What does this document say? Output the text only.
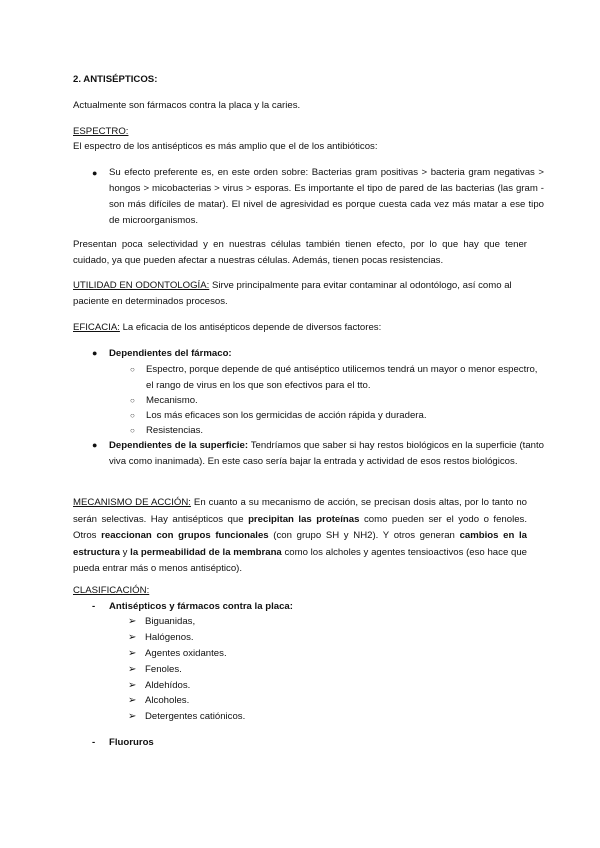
2. ANTISÉPTICOS:
Actualmente son fármacos contra la placa y la caries.
ESPECTRO:
El espectro de los antisépticos es más amplio que el de los antibióticos:
● Su efecto preferente es, en este orden sobre: Bacterias gram positivas > bacteria gram negativas > hongos > micobacterias > virus > esporas. Es importante el tipo de pared de las bacterias (las gram - son más difíciles de matar). El nivel de agresividad es porque cuesta cada vez más matar a ese tipo de microorganismos.
Presentan poca selectividad y en nuestras células también tienen efecto, por lo que hay que tener cuidado, ya que pueden afectar a nuestras células. Además, tienen pocas resistencias.
UTILIDAD EN ODONTOLOGÍA: Sirve principalmente para evitar contaminar al odontólogo, así como al paciente en determinados procesos.
EFICACIA: La eficacia de los antisépticos depende de diversos factores:
● Dependientes del fármaco:
○ Espectro, porque depende de qué antiséptico utilicemos tendrá un mayor o menor espectro, el rango de virus en los que son efectivos para el tto.
○ Mecanismo.
○ Los más eficaces son los germicidas de acción rápida y duradera.
○ Resistencias.
● Dependientes de la superficie: Tendríamos que saber si hay restos biológicos en la superficie (tanto viva como inanimada). En este caso sería bajar la entrada y actividad de esos restos biológicos.
MECANISMO DE ACCIÓN: En cuanto a su mecanismo de acción, se precisan dosis altas, por lo tanto no serán selectivas. Hay antisépticos que precipitan las proteínas como pueden ser el yodo o fenoles. Otros reaccionan con grupos funcionales (con grupo SH y NH2). Y otros generan cambios en la estructura y la permeabilidad de la membrana como los alcholes y agentes tensioactivos (eso hace que pueda entrar más o menos antiséptico).
CLASIFICACIÓN:
- Antisépticos y fármacos contra la placa:
➢ Biguanidas,
➢ Halógenos.
➢ Agentes oxidantes.
➢ Fenoles.
➢ Aldehídos.
➢ Alcoholes.
➢ Detergentes catiónicos.
- Fluoruros
